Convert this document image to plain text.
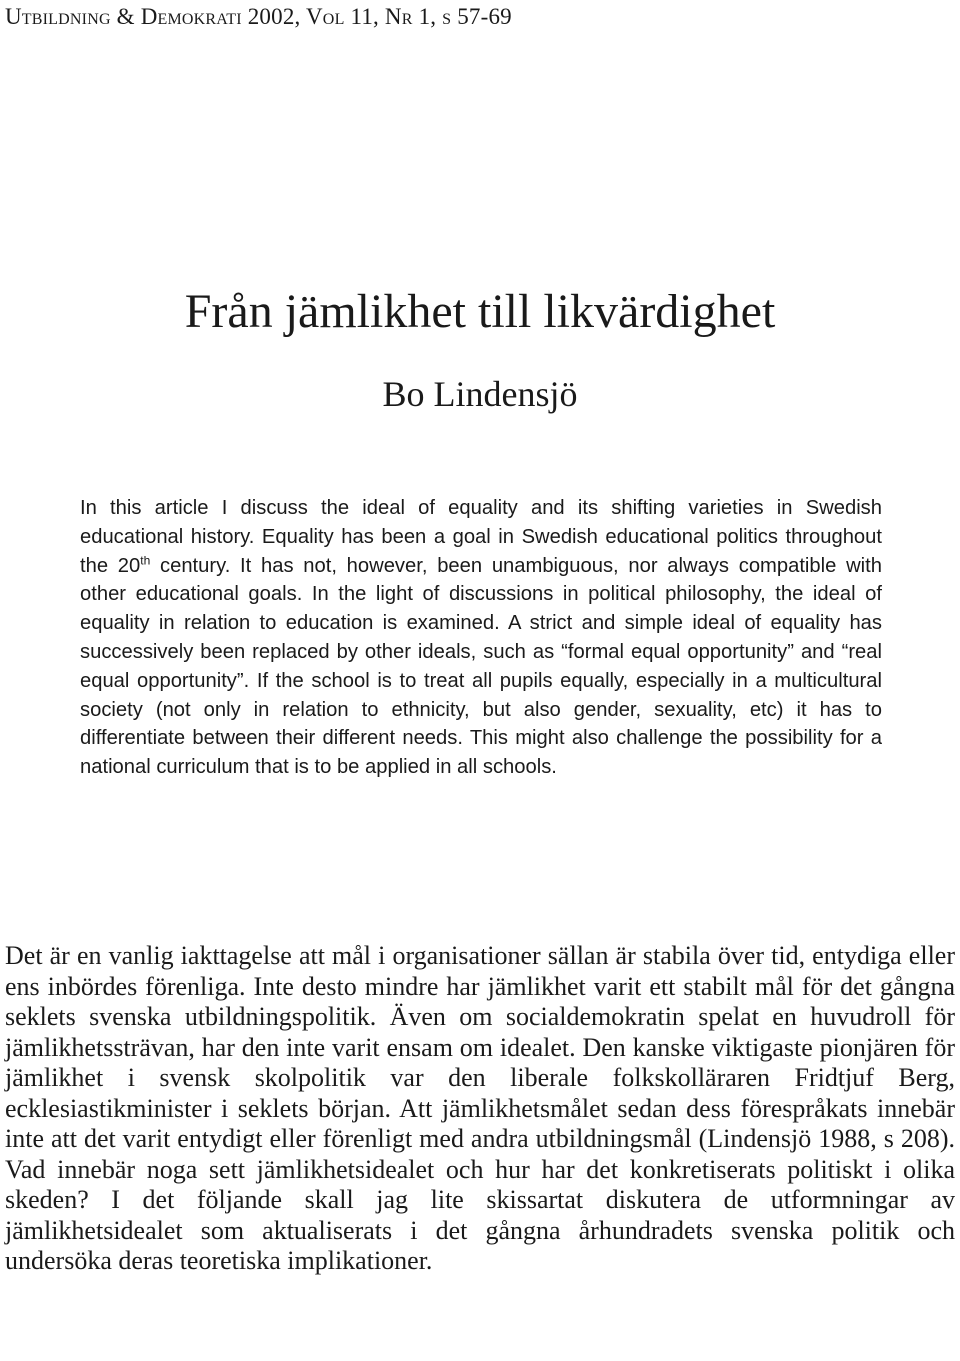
Utbildning & Demokrati 2002, Vol 11, Nr 1, s 57-69
Från jämlikhet till likvärdighet
Bo Lindensjö

In this article I discuss the ideal of equality and its shifting varieties in Swedish educational history. Equality has been a goal in Swedish educational politics throughout the 20th century. It has not, however, been unambiguous, nor always compatible with other educational goals. In the light of discussions in political philosophy, the ideal of equality in relation to education is examined. A strict and simple ideal of equality has successively been replaced by other ideals, such as “formal equal opportunity” and “real equal opportunity”. If the school is to treat all pupils equally, especially in a multicultural society (not only in relation to ethnicity, but also gender, sexuality, etc) it has to differentiate between their different needs. This might also challenge the possibility for a national curriculum that is to be applied in all schools.

Det är en vanlig iakttagelse att mål i organisationer sällan är stabila över tid, entydiga eller ens inbördes förenliga. Inte desto mindre har jämlikhet varit ett stabilt mål för det gångna seklets svenska utbildningspolitik. Även om socialdemokratin spelat en huvudroll för jämlikhetssträvan, har den inte varit ensam om idealet. Den kanske viktigaste pionjären för jämlikhet i svensk skolpolitik var den liberale folkskolläraren Fridtjuf Berg, ecklesiastikminister i seklets början. Att jämlikhetsmålet sedan dess förespråkats innebär inte att det varit entydigt eller förenligt med andra utbildningsmål (Lindensjö 1988, s 208). Vad innebär noga sett jämlikhetsidealet och hur har det konkretiserats politiskt i olika skeden? I det följande skall jag lite skissartat diskutera de utformningar av jämlikhetsidealet som aktualiserats i det gångna århundradets svenska politik och undersöka deras teoretiska implikationer.
